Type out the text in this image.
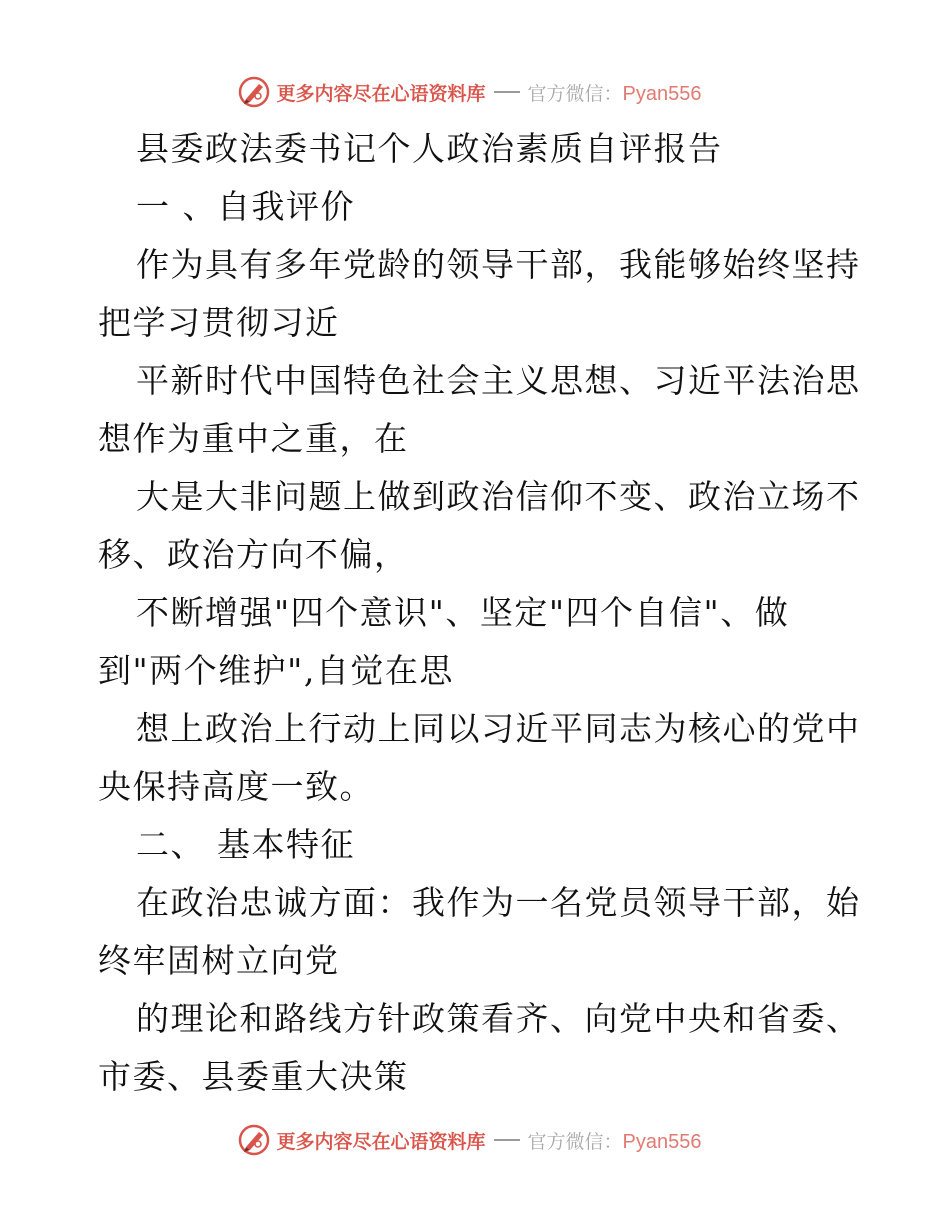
更多内容尽在心语资料库 官方微信：Pyan556
县委政法委书记个人政治素质自评报告
一 、自我评价
作为具有多年党龄的领导干部，我能够始终坚持
把学习贯彻习近
平新时代中国特色社会主义思想、习近平法治思
想作为重中之重，在
大是大非问题上做到政治信仰不变、政治立场不
移、政治方向不偏，
不断增强"四个意识"、坚定"四个自信"、做
到"两个维护",自觉在思
想上政治上行动上同以习近平同志为核心的党中
央保持高度一致。
二、 基本特征
在政治忠诚方面：我作为一名党员领导干部，始
终牢固树立向党
的理论和路线方针政策看齐、向党中央和省委、
市委、县委重大决策
更多内容尽在心语资料库 官方微信：Pyan556
